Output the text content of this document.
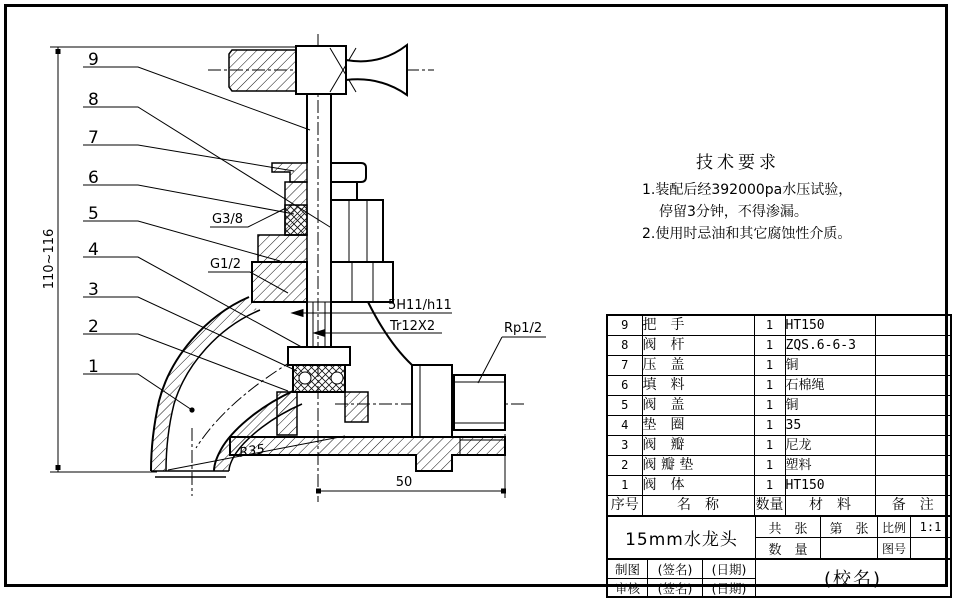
110~116
50
9
8
7
6
5
4
3
2
1
G3/8
G1/2
5H11/h11
Tr12X2	Rp1/2
R35
技术要求
1.装配后经392000pa水压试验，
停留3分钟，不得渗漏。
2.使用时忌油和其它腐蚀性介质。
9	把　手	1	HT150	
8	阀　杆	1	ZQS.6-6-3	
7	压　盖	1	铜	
6	填　料	1	石棉绳	
5	阀　盖	1	铜	
4	垫　圈	1	35	
3	阀　瓣	1	尼龙	
2	阀 瓣 垫	1	塑料	
1	阀　体	1	HT150	
序号	名　称	数量	材　料	备　注
15mm水龙头
共　张	第　张	比例	1:1
数　量	图号
制图	(签名)	(日期)
审核	(签名)	(日期)	(校名)
